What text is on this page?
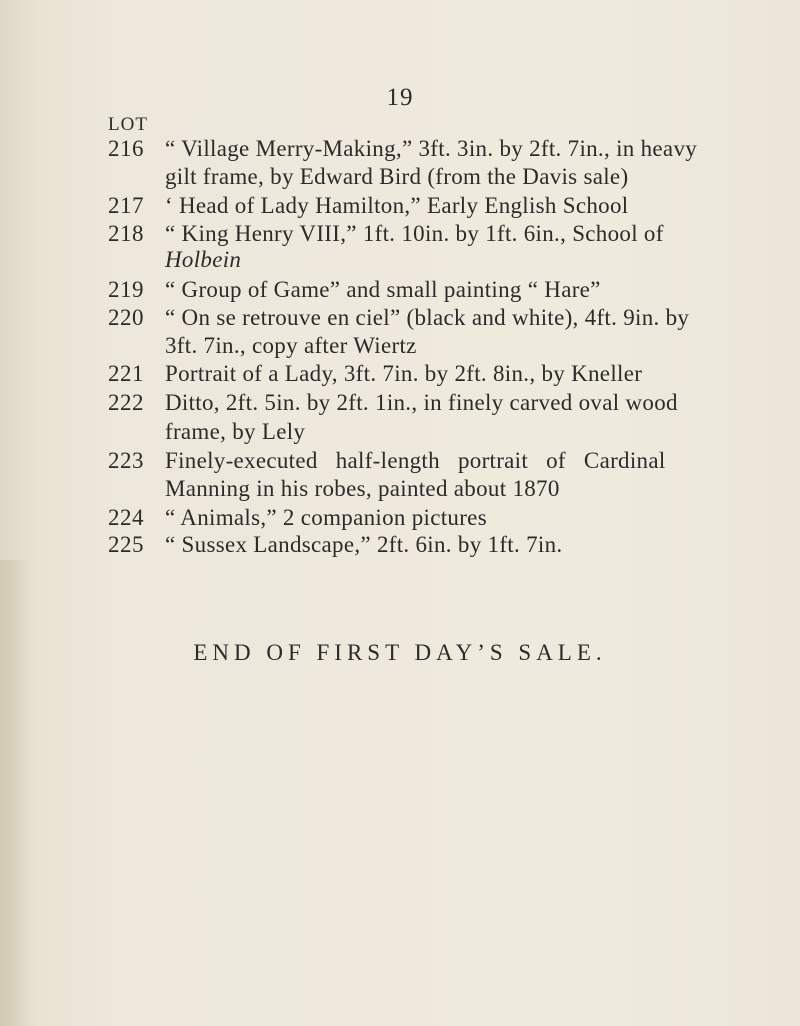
19
LOT
216 “ Village Merry-Making,” 3ft. 3in. by 2ft. 7in., in heavy
gilt frame, by Edward Bird (from the Davis sale)
217 ‘ Head of Lady Hamilton,” Early English School
218 “ King Henry VIII,” 1ft. 10in. by 1ft. 6in., School of
Holbein
219 “ Group of Game” and small painting “ Hare”
220 “ On se retrouve en ciel” (black and white), 4ft. 9in. by
3ft. 7in., copy after Wiertz
221 Portrait of a Lady, 3ft. 7in. by 2ft. 8in., by Kneller
222 Ditto, 2ft. 5in. by 2ft. 1in., in finely carved oval wood
frame, by Lely
223 Finely-executed half-length portrait of Cardinal
Manning in his robes, painted about 1870
224 “ Animals,” 2 companion pictures
225 “ Sussex Landscape,” 2ft. 6in. by 1ft. 7in.
END OF FIRST DAY’S SALE.
